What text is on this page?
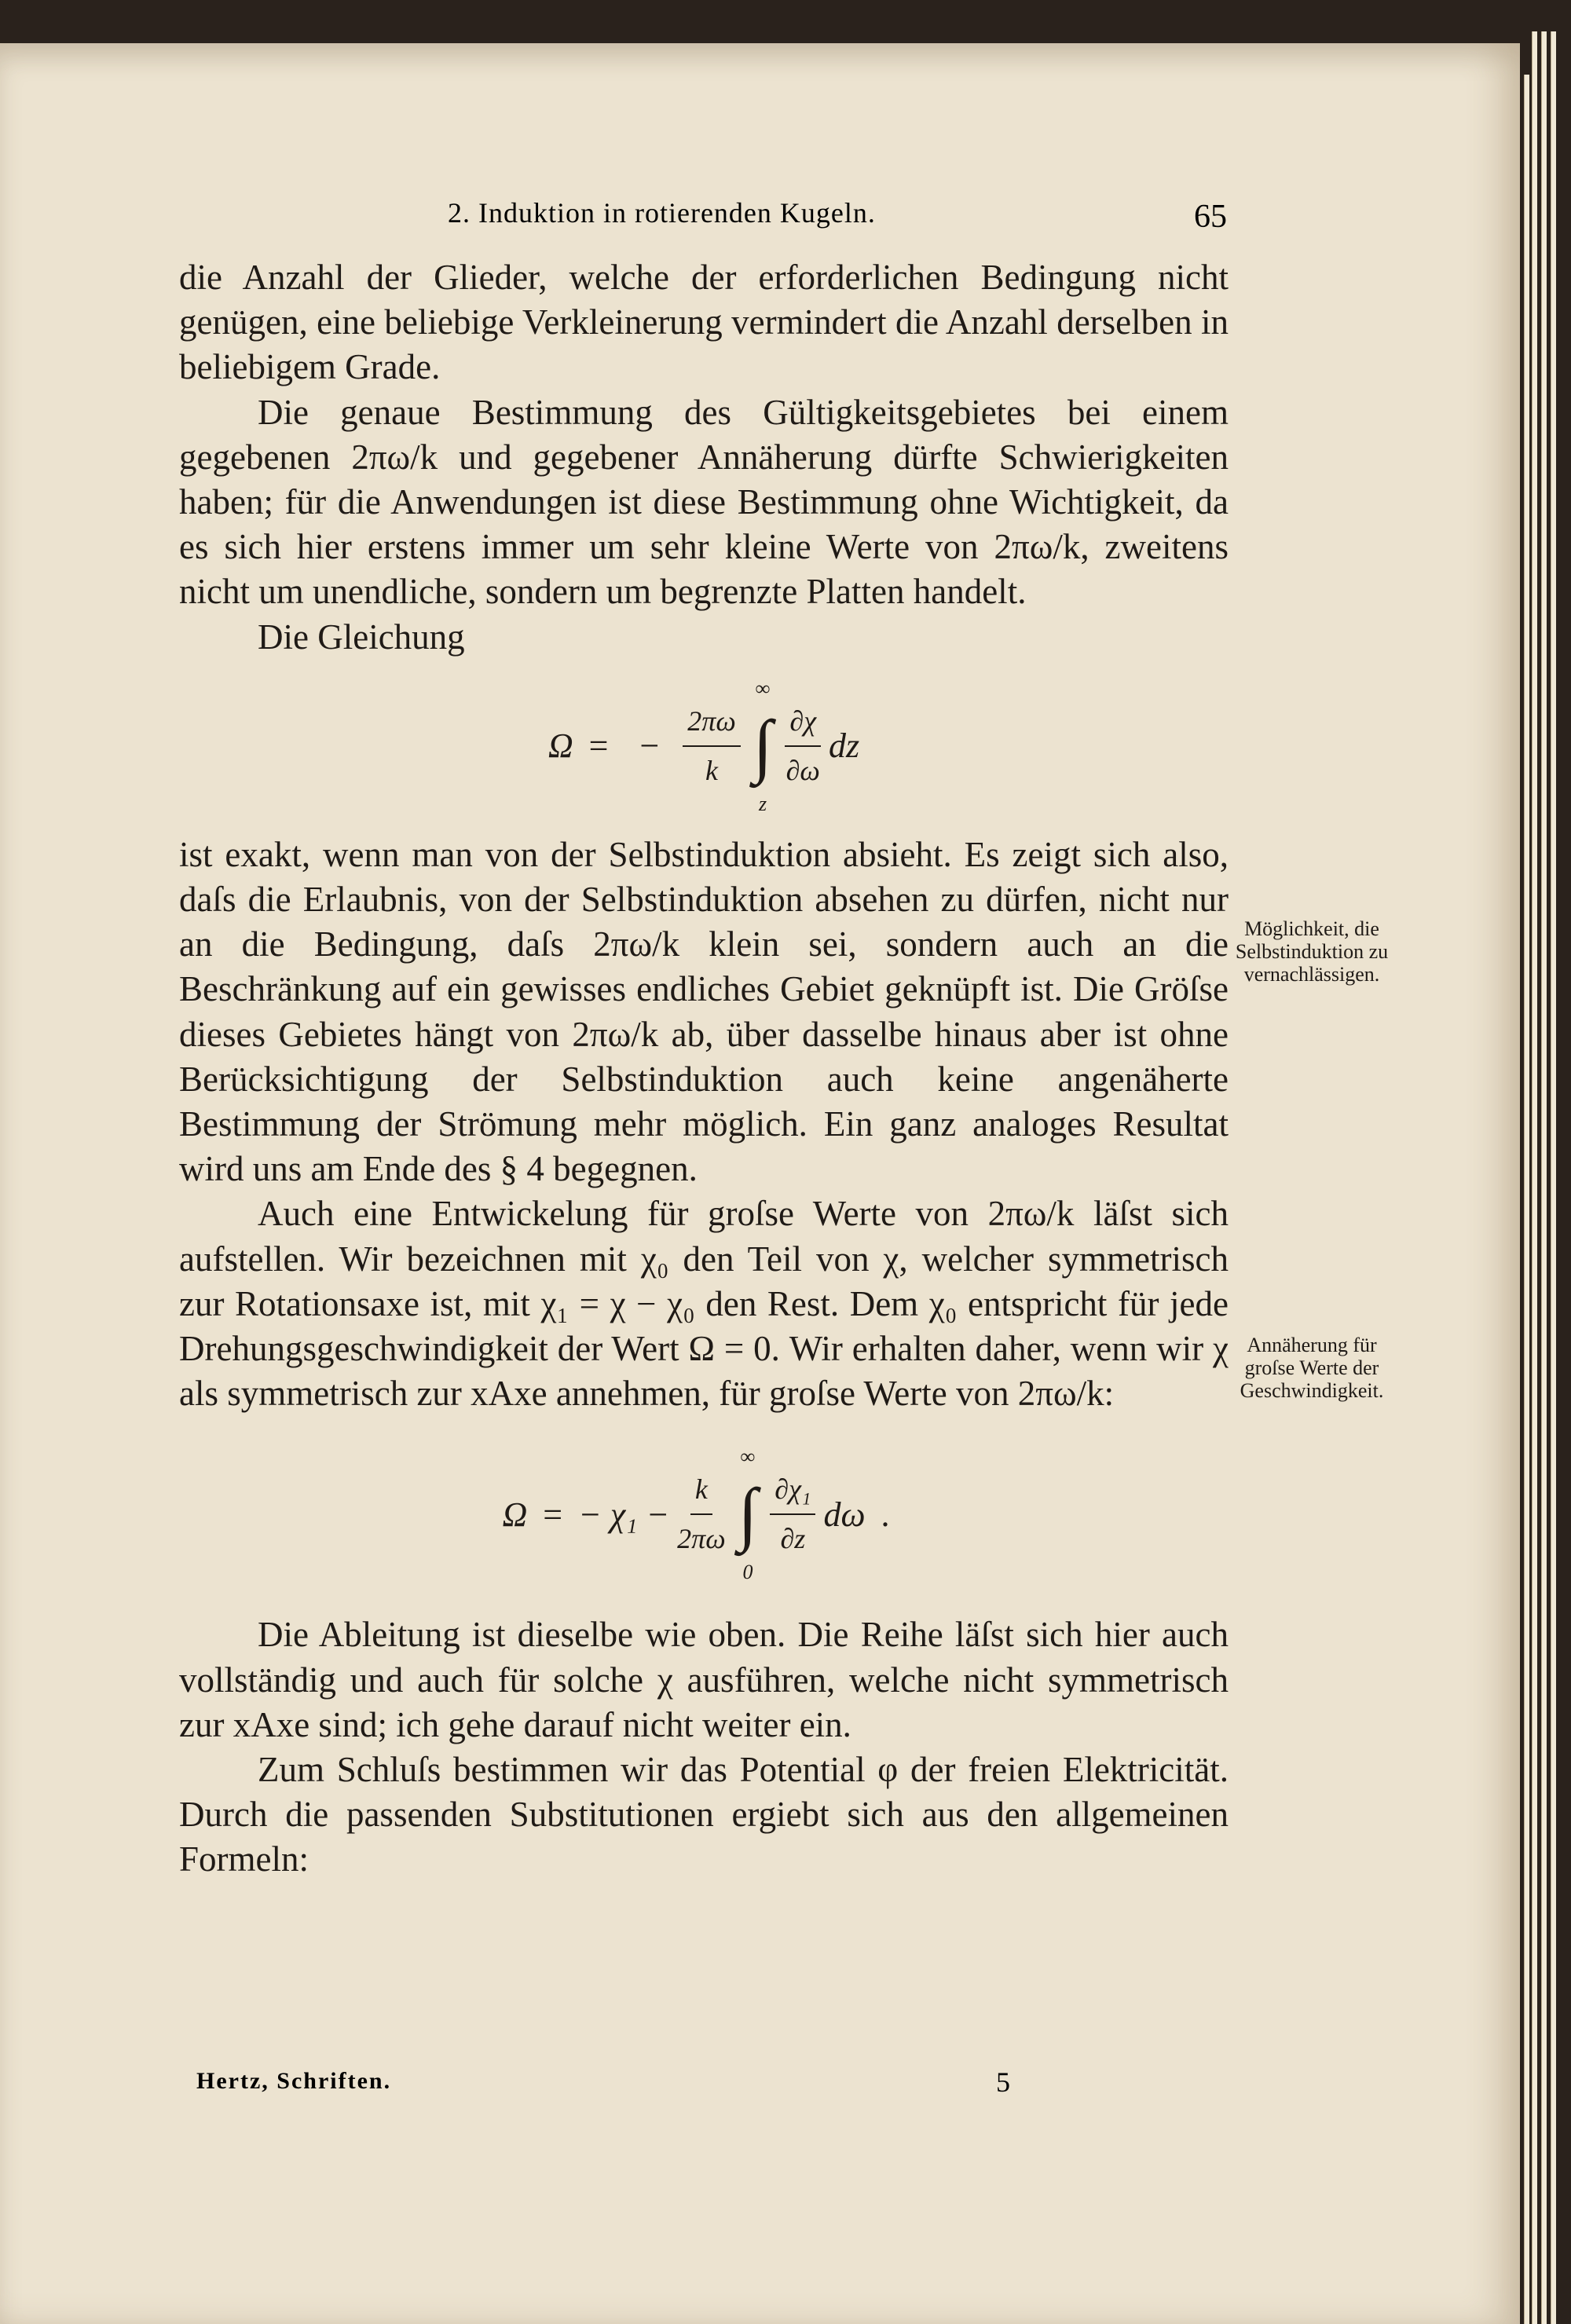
2. Induktion in rotierenden Kugeln.	65

die Anzahl der Glieder, welche der erforderlichen Bedingung nicht genügen, eine beliebige Verkleinerung vermindert die Anzahl derselben in beliebigem Grade.

Die genaue Bestimmung des Gültigkeitsgebietes bei einem gegebenen 2πω/k und gegebener Annäherung dürfte Schwierigkeiten haben; für die Anwendungen ist diese Bestimmung ohne Wichtigkeit, da es sich hier erstens immer um sehr kleine Werte von 2πω/k, zweitens nicht um unendliche, sondern um begrenzte Platten handelt.

Die Gleichung

Ω = − $\frac{2\pi\omega}{k}$
∞
∫
z
$\frac{\partial\chi}{\partial\omega}$ dz

ist exakt, wenn man von der Selbstinduktion absieht. Es zeigt sich also, daſs die Erlaubnis, von der Selbstinduktion absehen zu dürfen, nicht nur an die Bedingung, daſs 2πω/k klein sei, sondern auch an die Beschränkung auf ein gewisses endliches Gebiet geknüpft ist. Die Gröſse dieses Gebietes hängt von 2πω/k ab, über dasselbe hinaus aber ist ohne Berücksichtigung der Selbstinduktion auch keine angenäherte Bestimmung der Strömung mehr möglich. Ein ganz analoges Resultat wird uns am Ende des § 4 begegnen.

Auch eine Entwickelung für groſse Werte von 2πω/k läſst sich aufstellen. Wir bezeichnen mit χ₀ den Teil von χ, welcher symmetrisch zur Rotationsaxe ist, mit χ₁ = χ − χ₀ den Rest. Dem χ₀ entspricht für jede Drehungsgeschwindigkeit der Wert Ω = 0. Wir erhalten daher, wenn wir χ als symmetrisch zur xAxe annehmen, für groſse Werte von 2πω/k:

Ω = − $\chi_1 - \frac{k}{2\pi\omega}$
∞
∫
0
$\frac{\text{∂χ₁}}{\partial z}$ dω .

Die Ableitung ist dieselbe wie oben. Die Reihe läſst sich hier auch vollständig und auch für solche χ ausführen, welche nicht symmetrisch zur xAxe sind; ich gehe darauf nicht weiter ein.

Zum Schluſs bestimmen wir das Potential φ der freien Elektricität. Durch die passenden Substitutionen ergiebt sich aus den allgemeinen Formeln:

Möglichkeit, die Selbstinduktion zu vernachlässigen.
Annäherung für groſse Werte der Geschwindigkeit.
Hertz, Schriften.	5
